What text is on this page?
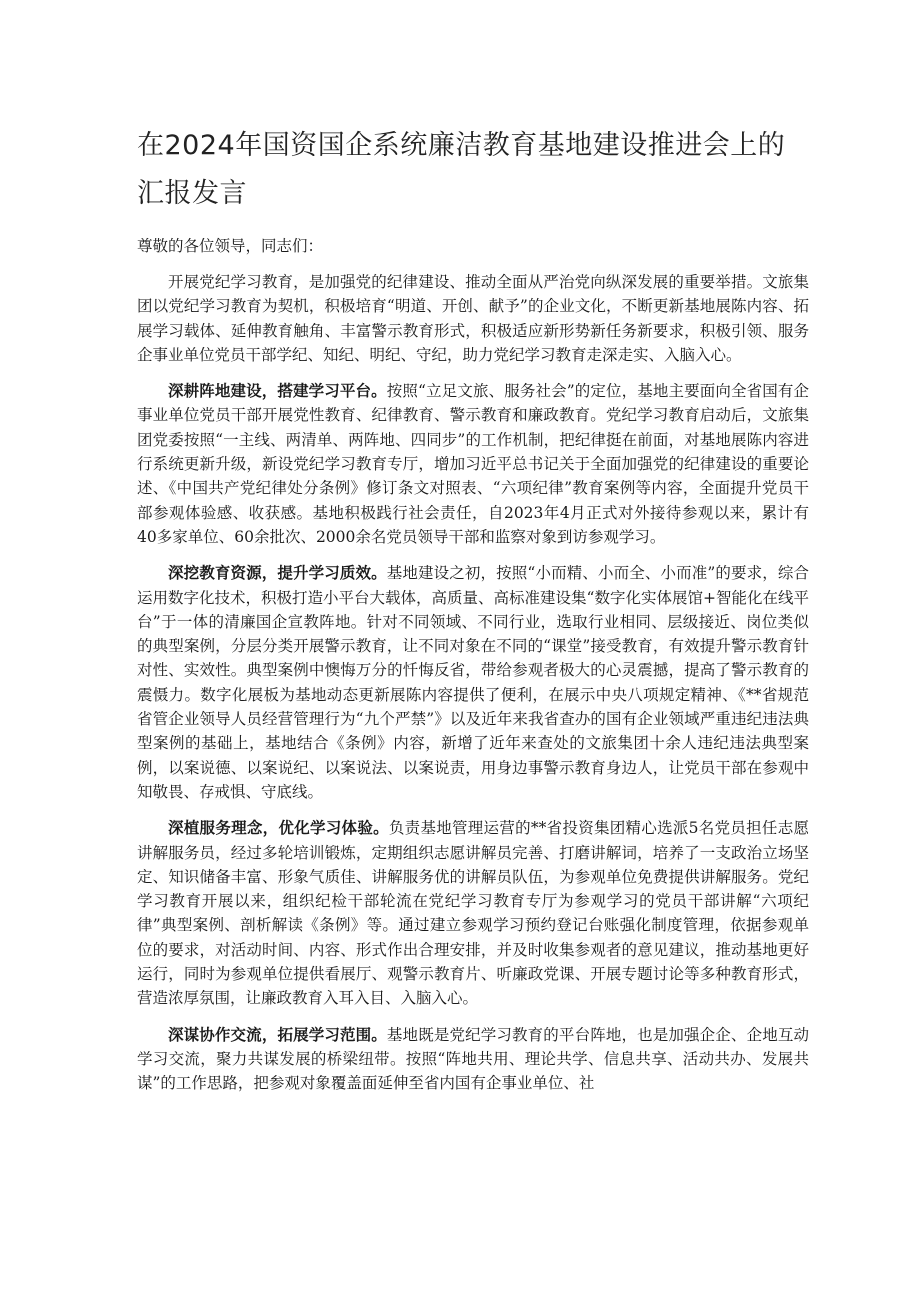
在2024年国资国企系统廉洁教育基地建设推进会上的汇报发言

尊敬的各位领导，同志们：

开展党纪学习教育，是加强党的纪律建设、推动全面从严治党向纵深发展的重要举措。文旅集团以党纪学习教育为契机，积极培育“明道、开创、献予”的企业文化，不断更新基地展陈内容、拓展学习载体、延伸教育触角、丰富警示教育形式，积极适应新形势新任务新要求，积极引领、服务企事业单位党员干部学纪、知纪、明纪、守纪，助力党纪学习教育走深走实、入脑入心。

深耕阵地建设，搭建学习平台。按照“立足文旅、服务社会”的定位，基地主要面向全省国有企事业单位党员干部开展党性教育、纪律教育、警示教育和廉政教育。党纪学习教育启动后，文旅集团党委按照“一主线、两清单、两阵地、四同步”的工作机制，把纪律挺在前面，对基地展陈内容进行系统更新升级，新设党纪学习教育专厅，增加习近平总书记关于全面加强党的纪律建设的重要论述、《中国共产党纪律处分条例》修订条文对照表、“六项纪律”教育案例等内容，全面提升党员干部参观体验感、收获感。基地积极践行社会责任，自2023年4月正式对外接待参观以来，累计有40多家单位、60余批次、2000余名党员领导干部和监察对象到访参观学习。

深挖教育资源，提升学习质效。基地建设之初，按照“小而精、小而全、小而准”的要求，综合运用数字化技术，积极打造小平台大载体，高质量、高标准建设集“数字化实体展馆+智能化在线平台”于一体的清廉国企宣教阵地。针对不同领域、不同行业，选取行业相同、层级接近、岗位类似的典型案例，分层分类开展警示教育，让不同对象在不同的“课堂”接受教育，有效提升警示教育针对性、实效性。典型案例中懊悔万分的忏悔反省，带给参观者极大的心灵震撼，提高了警示教育的震慑力。数字化展板为基地动态更新展陈内容提供了便利，在展示中央八项规定精神、《**省规范省管企业领导人员经营管理行为“九个严禁”》以及近年来我省查办的国有企业领域严重违纪违法典型案例的基础上，基地结合《条例》内容，新增了近年来查处的文旅集团十余人违纪违法典型案例，以案说德、以案说纪、以案说法、以案说责，用身边事警示教育身边人，让党员干部在参观中知敬畏、存戒惧、守底线。

深植服务理念，优化学习体验。负责基地管理运营的**省投资集团精心选派5名党员担任志愿讲解服务员，经过多轮培训锻炼，定期组织志愿讲解员完善、打磨讲解词，培养了一支政治立场坚定、知识储备丰富、形象气质佳、讲解服务优的讲解员队伍，为参观单位免费提供讲解服务。党纪学习教育开展以来，组织纪检干部轮流在党纪学习教育专厅为参观学习的党员干部讲解“六项纪律”典型案例、剖析解读《条例》等。通过建立参观学习预约登记台账强化制度管理，依据参观单位的要求，对活动时间、内容、形式作出合理安排，并及时收集参观者的意见建议，推动基地更好运行，同时为参观单位提供看展厅、观警示教育片、听廉政党课、开展专题讨论等多种教育形式，营造浓厚氛围，让廉政教育入耳入目、入脑入心。

深谋协作交流，拓展学习范围。基地既是党纪学习教育的平台阵地，也是加强企企、企地互动学习交流，聚力共谋发展的桥梁纽带。按照“阵地共用、理论共学、信息共享、活动共办、发展共谋”的工作思路，把参观对象覆盖面延伸至省内国有企事业单位、社
